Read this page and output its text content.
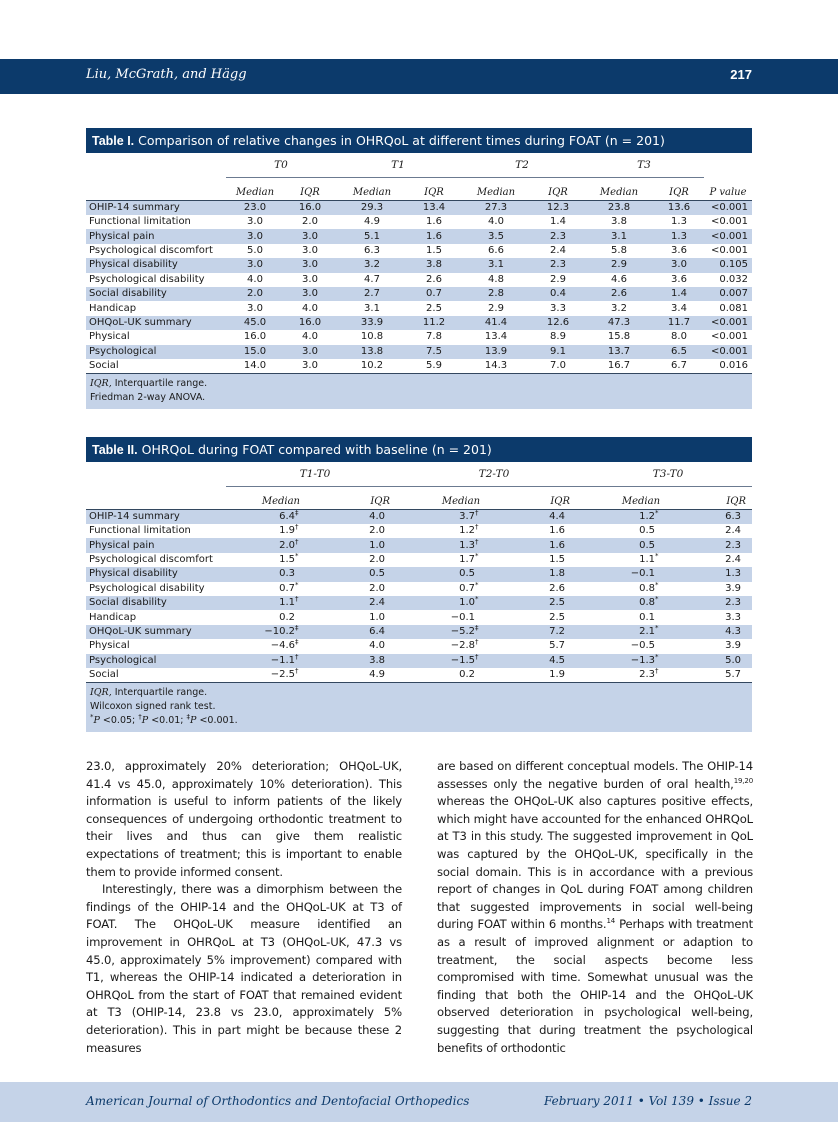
Liu, McGrath, and Hägg	217
Table I. Comparison of relative changes in OHRQoL at different times during FOAT (n = 201)
	T0		T1		T2		T3		
	Median	IQR	Median	IQR	Median	IQR	Median	IQR	P value
OHIP-14 summary	23.0	16.0	29.3	13.4	27.3	12.3	23.8	13.6	<0.001
Functional limitation	3.0	2.0	4.9	1.6	4.0	1.4	3.8	1.3	<0.001
Physical pain	3.0	3.0	5.1	1.6	3.5	2.3	3.1	1.3	<0.001
Psychological discomfort	5.0	3.0	6.3	1.5	6.6	2.4	5.8	3.6	<0.001
Physical disability	3.0	3.0	3.2	3.8	3.1	2.3	2.9	3.0	0.105
Psychological disability	4.0	3.0	4.7	2.6	4.8	2.9	4.6	3.6	0.032
Social disability	2.0	3.0	2.7	0.7	2.8	0.4	2.6	1.4	0.007
Handicap	3.0	4.0	3.1	2.5	2.9	3.3	3.2	3.4	0.081
OHQoL-UK summary	45.0	16.0	33.9	11.2	41.4	12.6	47.3	11.7	<0.001
Physical	16.0	4.0	10.8	7.8	13.4	8.9	15.8	8.0	<0.001
Psychological	15.0	3.0	13.8	7.5	13.9	9.1	13.7	6.5	<0.001
Social	14.0	3.0	10.2	5.9	14.3	7.0	16.7	6.7	0.016
IQR, Interquartile range.
Friedman 2-way ANOVA.
Table II. OHRQoL during FOAT compared with baseline (n = 201)
	T1-T0		T2-T0		T3-T0	
	Median	IQR	Median	IQR	Median	IQR
OHIP-14 summary	6.4‡	4.0	3.7†	4.4	1.2*	6.3
Functional limitation	1.9†	2.0	1.2†	1.6	0.5	2.4
Physical pain	2.0†	1.0	1.3†	1.6	0.5	2.3
Psychological discomfort	1.5*	2.0	1.7*	1.5	1.1*	2.4
Physical disability	0.3	0.5	0.5	1.8	−0.1	1.3
Psychological disability	0.7*	2.0	0.7*	2.6	0.8*	3.9
Social disability	1.1†	2.4	1.0*	2.5	0.8*	2.3
Handicap	0.2	1.0	−0.1	2.5	0.1	3.3
OHQoL-UK summary	−10.2‡	6.4	−5.2‡	7.2	2.1*	4.3
Physical	−4.6‡	4.0	−2.8†	5.7	−0.5	3.9
Psychological	−1.1†	3.8	−1.5†	4.5	−1.3*	5.0
Social	−2.5†	4.9	0.2	1.9	2.3†	5.7
IQR, Interquartile range.
Wilcoxon signed rank test.
*P <0.05; †P <0.01; ‡P <0.001.

23.0, approximately 20% deterioration; OHQoL-UK, 41.4 vs 45.0, approximately 10% deterioration). This information is useful to inform patients of the likely consequences of undergoing orthodontic treatment to their lives and thus can give them realistic expectations of treatment; this is important to enable them to provide informed consent.

Interestingly, there was a dimorphism between the findings of the OHIP-14 and the OHQoL-UK at T3 of FOAT. The OHQoL-UK measure identified an improvement in OHRQoL at T3 (OHQoL-UK, 47.3 vs 45.0, approximately 5% improvement) compared with T1, whereas the OHIP-14 indicated a deterioration in OHRQoL from the start of FOAT that remained evident at T3 (OHIP-14, 23.8 vs 23.0, approximately 5% deterioration). This in part might be because these 2 measures

are based on different conceptual models. The OHIP-14 assesses only the negative burden of oral health,$^{19,20}$ whereas the OHQoL-UK also captures positive effects, which might have accounted for the enhanced OHRQoL at T3 in this study. The suggested improvement in QoL was captured by the OHQoL-UK, specifically in the social domain. This is in accordance with a previous report of changes in QoL during FOAT among children that suggested improvements in social well-being during FOAT within 6 months.$^{14}$ Perhaps with treatment as a result of improved alignment or adaption to treatment, the social aspects become less compromised with time. Somewhat unusual was the finding that both the OHIP-14 and the OHQoL-UK observed deterioration in psychological well-being, suggesting that during treatment the psychological benefits of orthodontic

American Journal of Orthodontics and Dentofacial Orthopedics	February 2011 • Vol 139 • Issue 2
